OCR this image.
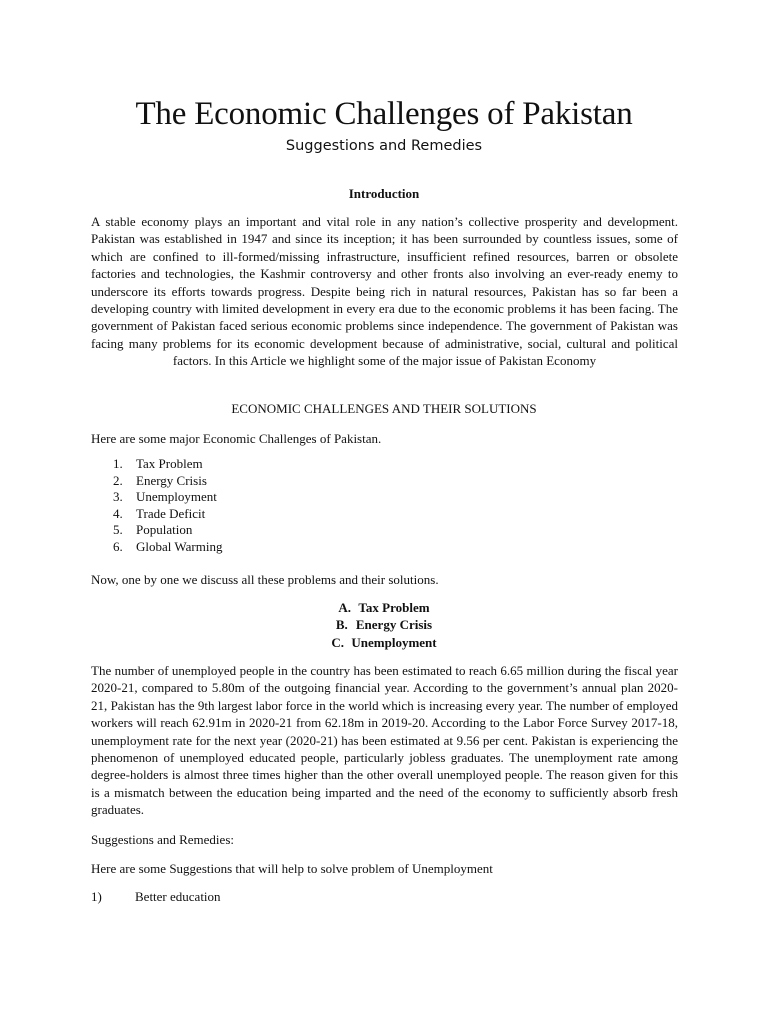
The Economic Challenges of Pakistan
Suggestions and Remedies
Introduction

A stable economy plays an important and vital role in any nation’s collective prosperity and development. Pakistan was established in 1947 and since its inception; it has been surrounded by countless issues, some of which are confined to ill-formed/missing infrastructure, insufficient refined resources, barren or obsolete factories and technologies, the Kashmir controversy and other fronts also involving an ever-ready enemy to underscore its efforts towards progress. Despite being rich in natural resources, Pakistan has so far been a developing country with limited development in every era due to the economic problems it has been facing. The government of Pakistan faced serious economic problems since independence. The government of Pakistan was facing many problems for its economic development because of administrative, social, cultural and political factors. In this Article we highlight some of the major issue of Pakistan Economy

ECONOMIC CHALLENGES AND THEIR SOLUTIONS
Here are some major Economic Challenges of Pakistan.
1. Tax Problem
2. Energy Crisis
3. Unemployment
4. Trade Deficit
5. Population
6. Global Warming
Now, one by one we discuss all these problems and their solutions.
A. Tax Problem
B. Energy Crisis
C. Unemployment

The number of unemployed people in the country has been estimated to reach 6.65 million during the fiscal year 2020-21, compared to 5.80m of the outgoing financial year. According to the government’s annual plan 2020-21, Pakistan has the 9th largest labor force in the world which is increasing every year. The number of employed workers will reach 62.91m in 2020-21 from 62.18m in 2019-20. According to the Labor Force Survey 2017-18, unemployment rate for the next year (2020-21) has been estimated at 9.56 per cent. Pakistan is experiencing the phenomenon of unemployed educated people, particularly jobless graduates. The unemployment rate among degree-holders is almost three times higher than the other overall unemployed people. The reason given for this is a mismatch between the education being imparted and the need of the economy to sufficiently absorb fresh graduates.

Suggestions and Remedies:
Here are some Suggestions that will help to solve problem of Unemployment
1)	Better education
